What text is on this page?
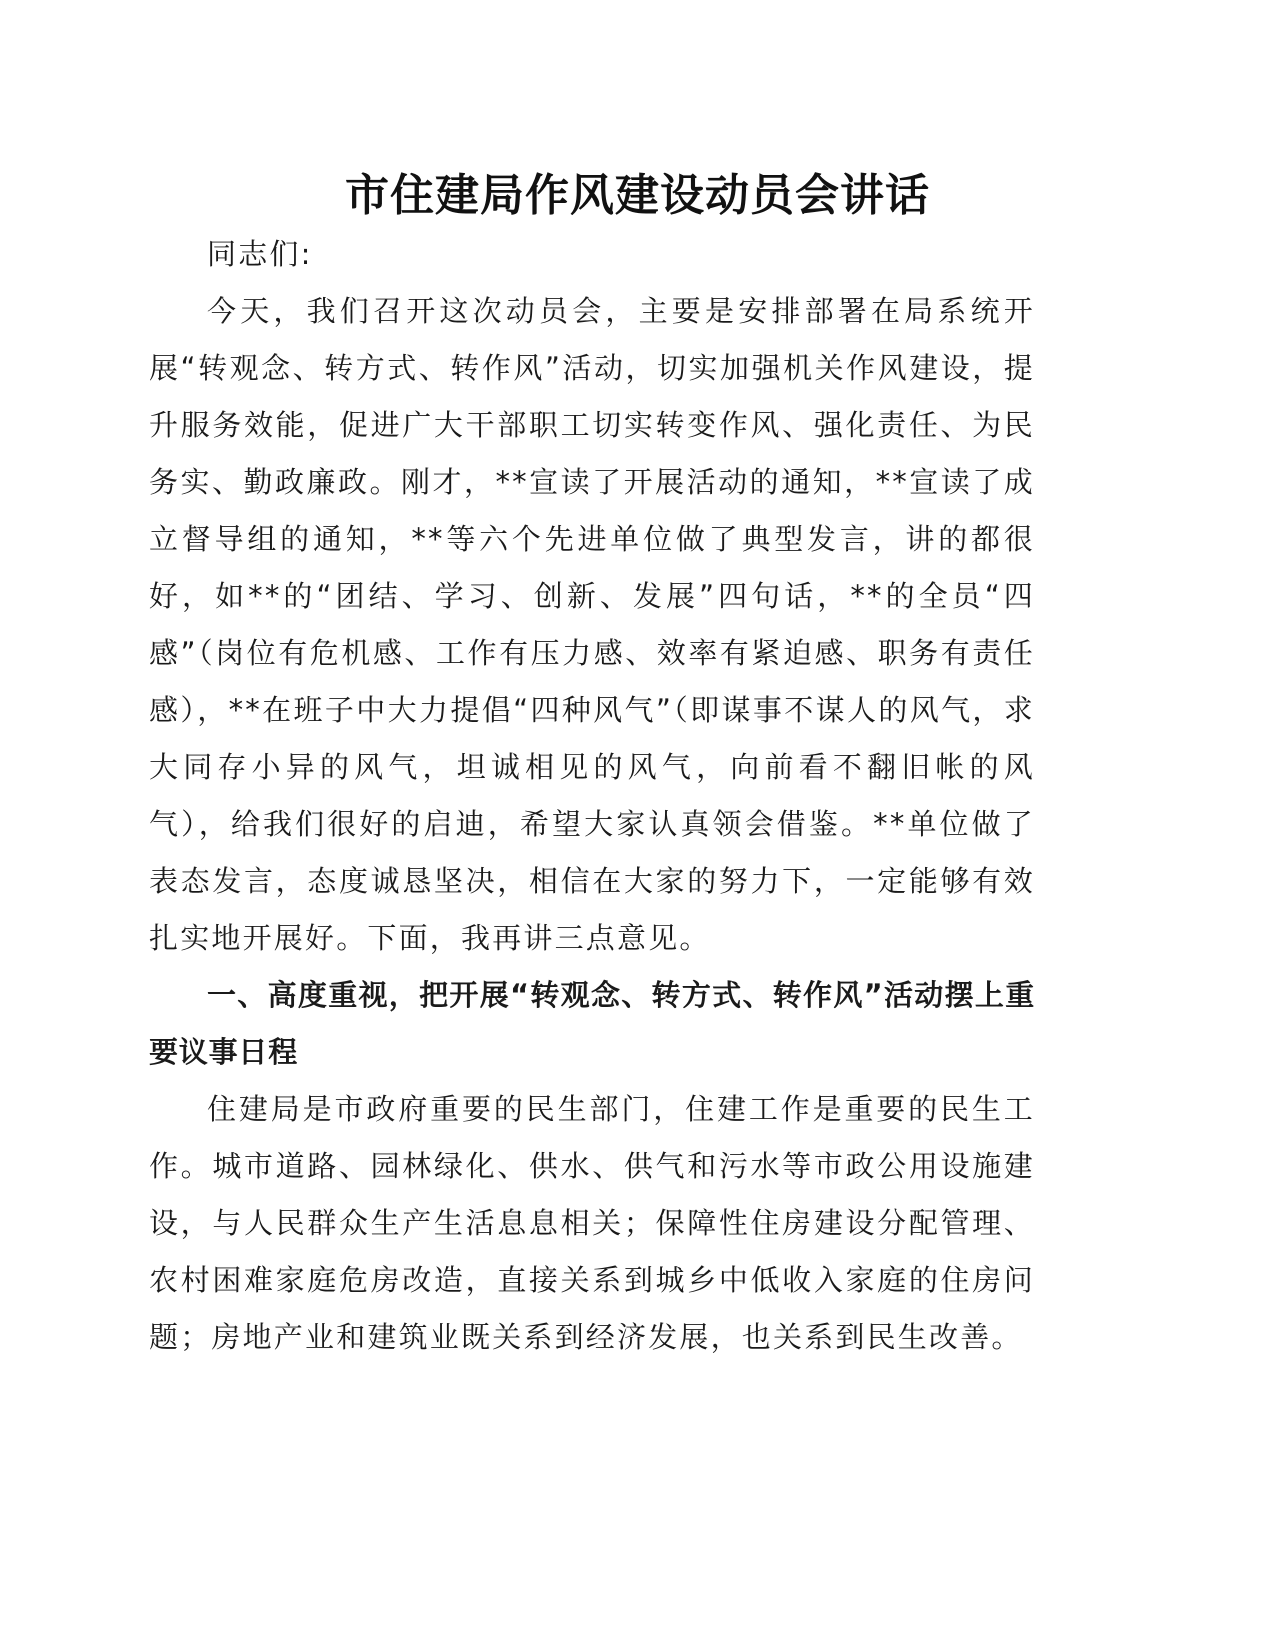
市住建局作风建设动员会讲话

同志们:

今天，我们召开这次动员会，主要是安排部署在局系统开展“转观念、转方式、转作风”活动，切实加强机关作风建设，提升服务效能，促进广大干部职工切实转变作风、强化责任、为民务实、勤政廉政。刚才，**宣读了开展活动的通知，**宣读了成立督导组的通知，**等六个先进单位做了典型发言，讲的都很好，如**的“团结、学习、创新、发展”四句话，**的全员“四感”（岗位有危机感、工作有压力感、效率有紧迫感、职务有责任感），**在班子中大力提倡“四种风气”（即谋事不谋人的风气，求大同存小异的风气，坦诚相见的风气，向前看不翻旧帐的风气），给我们很好的启迪，希望大家认真领会借鉴。**单位做了表态发言，态度诚恳坚决，相信在大家的努力下，一定能够有效扎实地开展好。下面，我再讲三点意见。

一、高度重视，把开展“转观念、转方式、转作风”活动摆上重要议事日程

住建局是市政府重要的民生部门，住建工作是重要的民生工作。城市道路、园林绿化、供水、供气和污水等市政公用设施建设，与人民群众生产生活息息相关；保障性住房建设分配管理、农村困难家庭危房改造，直接关系到城乡中低收入家庭的住房问题；房地产业和建筑业既关系到经济发展，也关系到民生改善。
